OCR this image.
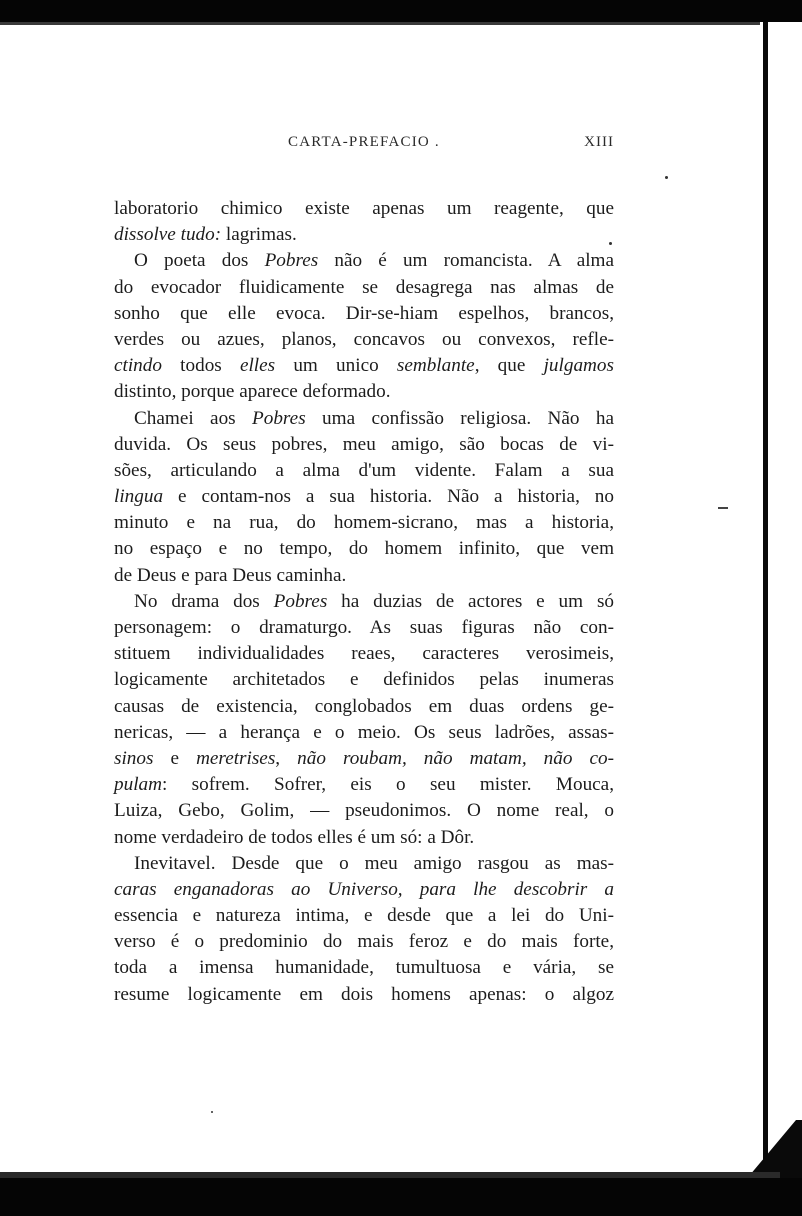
CARTA-PREFACIO .	XIII
laboratorio chimico existe apenas um reagente, que
dissolve tudo: lagrimas.
O poeta dos Pobres não é um romancista. A alma
do evocador fluidicamente se desagrega nas almas de
sonho que elle evoca. Dir-se-hiam espelhos, brancos,
verdes ou azues, planos, concavos ou convexos, refle-
ctindo todos elles um unico semblante, que julgamos
distinto, porque aparece deformado.
Chamei aos Pobres uma confissão religiosa. Não ha
duvida. Os seus pobres, meu amigo, são bocas de vi-
sões, articulando a alma d'um vidente. Falam a sua
lingua e contam-nos a sua historia. Não a historia, no
minuto e na rua, do homem-sicrano, mas a historia,
no espaço e no tempo, do homem infinito, que vem
de Deus e para Deus caminha.
No drama dos Pobres ha duzias de actores e um só
personagem: o dramaturgo. As suas figuras não con-
stituem individualidades reaes, caracteres verosimeis,
logicamente architetados e definidos pelas inumeras
causas de existencia, conglobados em duas ordens ge-
nericas, — a herança e o meio. Os seus ladrões, assas-
sinos e meretrises, não roubam, não matam, não co-
pulam: sofrem. Sofrer, eis o seu mister. Mouca,
Luiza, Gebo, Golim, — pseudonimos. O nome real, o
nome verdadeiro de todos elles é um só: a Dôr.
Inevitavel. Desde que o meu amigo rasgou as mas-
caras enganadoras ao Universo, para lhe descobrir a
essencia e natureza intima, e desde que a lei do Uni-
verso é o predominio do mais feroz e do mais forte,
toda a imensa humanidade, tumultuosa e vária, se
resume logicamente em dois homens apenas: o algoz
